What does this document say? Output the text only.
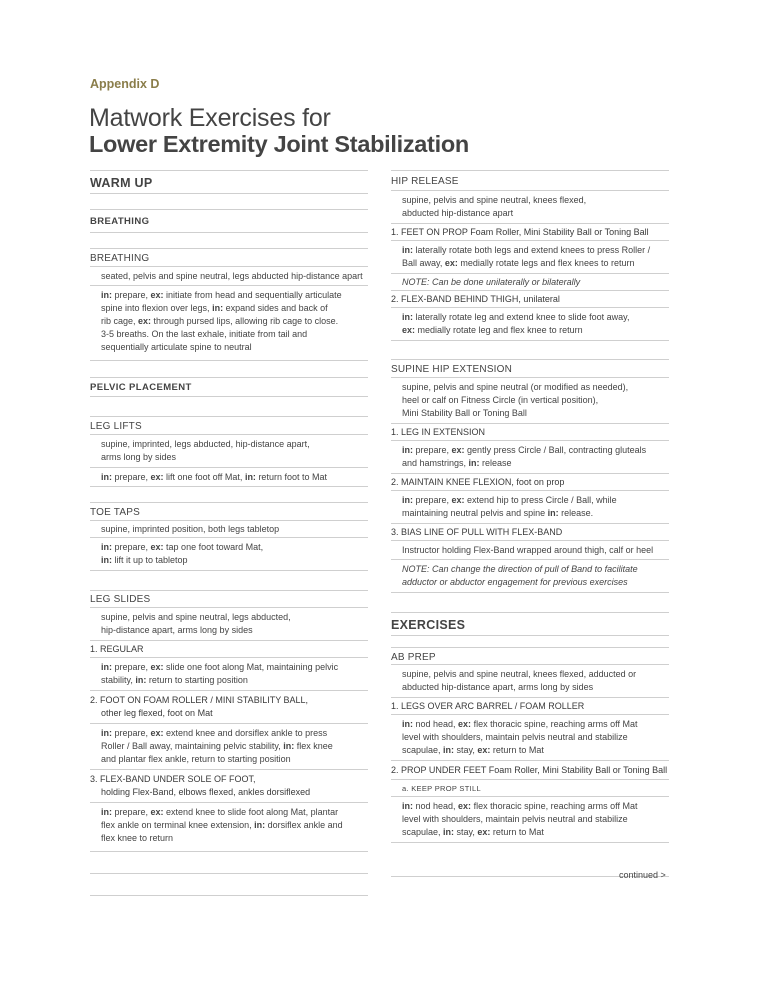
Appendix D
Matwork Exercises for
Lower Extremity Joint Stabilization
WARM UP
BREATHING
BREATHING
seated, pelvis and spine neutral, legs abducted hip-distance apart
in: prepare, ex: initiate from head and sequentially articulate
spine into flexion over legs, in: expand sides and back of
rib cage, ex: through pursed lips, allowing rib cage to close.
3-5 breaths. On the last exhale, initiate from tail and
sequentially articulate spine to neutral
PELVIC PLACEMENT
LEG LIFTS
supine, imprinted, legs abducted, hip-distance apart,
arms long by sides
in: prepare, ex: lift one foot off Mat, in: return foot to Mat
TOE TAPS
supine, imprinted position, both legs tabletop
in: prepare, ex: tap one foot toward Mat,
in: lift it up to tabletop
LEG SLIDES
supine, pelvis and spine neutral, legs abducted,
hip-distance apart, arms long by sides
1. REGULAR
in: prepare, ex: slide one foot along Mat, maintaining pelvic
stability, in: return to starting position
2. FOOT ON FOAM ROLLER / MINI STABILITY BALL,
other leg flexed, foot on Mat
in: prepare, ex: extend knee and dorsiflex ankle to press
Roller / Ball away, maintaining pelvic stability, in: flex knee
and plantar flex ankle, return to starting position
3. FLEX-BAND UNDER SOLE OF FOOT,
holding Flex-Band, elbows flexed, ankles dorsiflexed
in: prepare, ex: extend knee to slide foot along Mat, plantar
flex ankle on terminal knee extension, in: dorsiflex ankle and
flex knee to return
HIP RELEASE
supine, pelvis and spine neutral, knees flexed,
abducted hip-distance apart
1. FEET ON PROP Foam Roller, Mini Stability Ball or Toning Ball
in: laterally rotate both legs and extend knees to press Roller /
Ball away, ex: medially rotate legs and flex knees to return
NOTE: Can be done unilaterally or bilaterally
2. FLEX-BAND BEHIND THIGH, unilateral
in: laterally rotate leg and extend knee to slide foot away,
ex: medially rotate leg and flex knee to return
SUPINE HIP EXTENSION
supine, pelvis and spine neutral (or modified as needed),
heel or calf on Fitness Circle (in vertical position),
Mini Stability Ball or Toning Ball
1. LEG IN EXTENSION
in: prepare, ex: gently press Circle / Ball, contracting gluteals
and hamstrings, in: release
2. MAINTAIN KNEE FLEXION, foot on prop
in: prepare, ex: extend hip to press Circle / Ball, while
maintaining neutral pelvis and spine in: release.
3. BIAS LINE OF PULL WITH FLEX-BAND
Instructor holding Flex-Band wrapped around thigh, calf or heel
NOTE: Can change the direction of pull of Band to facilitate
adductor or abductor engagement for previous exercises
EXERCISES
AB PREP
supine, pelvis and spine neutral, knees flexed, adducted or
abducted hip-distance apart, arms long by sides
1. LEGS OVER ARC BARREL / FOAM ROLLER
in: nod head, ex: flex thoracic spine, reaching arms off Mat
level with shoulders, maintain pelvis neutral and stabilize
scapulae, in: stay, ex: return to Mat
2. PROP UNDER FEET Foam Roller, Mini Stability Ball or Toning Ball
a. KEEP PROP STILL
in: nod head, ex: flex thoracic spine, reaching arms off Mat
level with shoulders, maintain pelvis neutral and stabilize
scapulae, in: stay, ex: return to Mat
continued >
